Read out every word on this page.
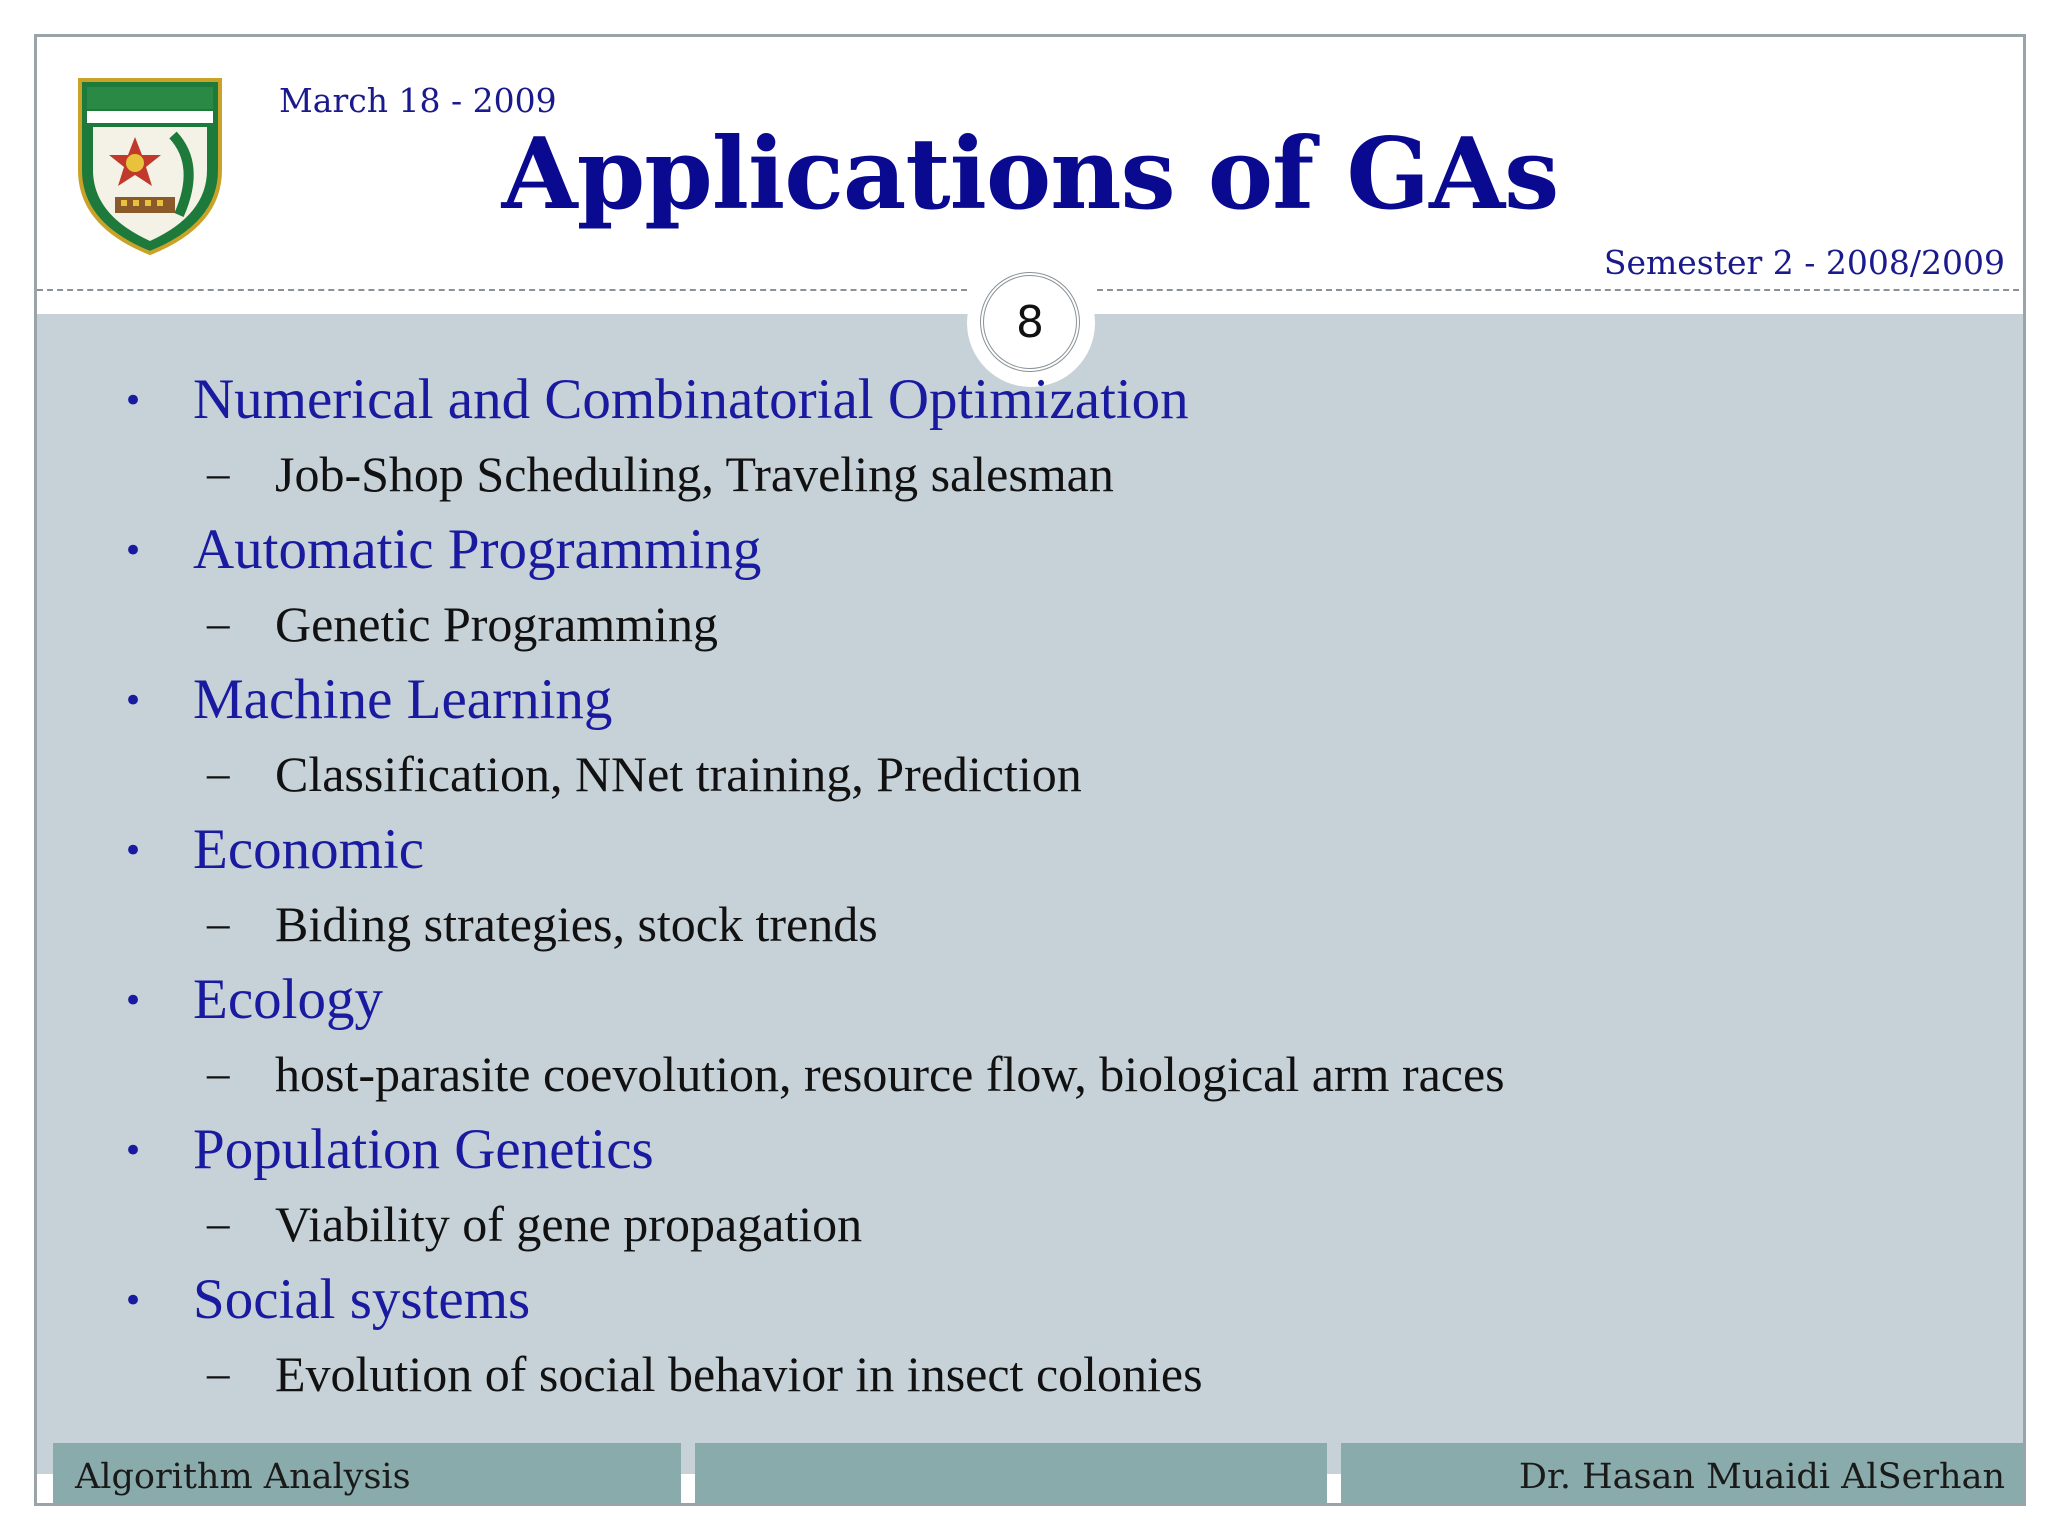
March 18 - 2009
Applications of GAs
Semester 2 - 2008/2009
8
• Numerical and Combinatorial Optimization
– Job-Shop Scheduling, Traveling salesman
• Automatic Programming
– Genetic Programming
• Machine Learning
– Classification, NNet training, Prediction
• Economic
– Biding strategies, stock trends
• Ecology
– host-parasite coevolution, resource flow, biological arm races
• Population Genetics
– Viability of gene propagation
• Social systems
– Evolution of social behavior in insect colonies
Algorithm Analysis	Dr. Hasan Muaidi AlSerhan
